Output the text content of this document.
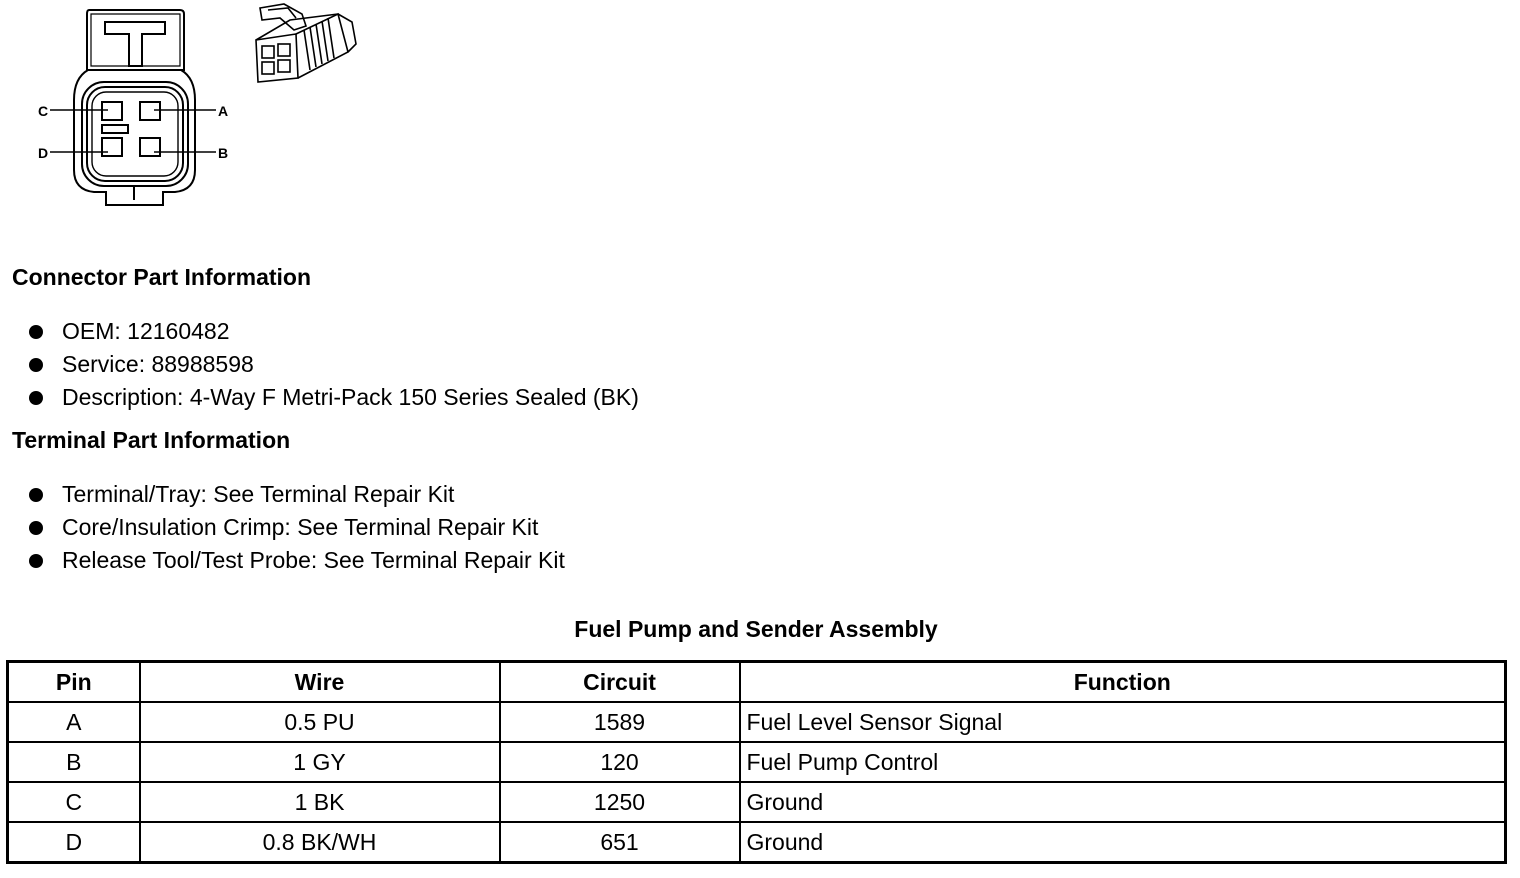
C	A
D	B
Connector Part Information
OEM: 12160482
Service: 88988598
Description: 4-Way F Metri-Pack 150 Series Sealed (BK)
Terminal Part Information
Terminal/Tray: See Terminal Repair Kit
Core/Insulation Crimp: See Terminal Repair Kit
Release Tool/Test Probe: See Terminal Repair Kit
Fuel Pump and Sender Assembly
Pin	Wire	Circuit	Function
A	0.5 PU	1589	Fuel Level Sensor Signal
B	1 GY	120	Fuel Pump Control
C	1 BK	1250	Ground
D	0.8 BK/WH	651	Ground
